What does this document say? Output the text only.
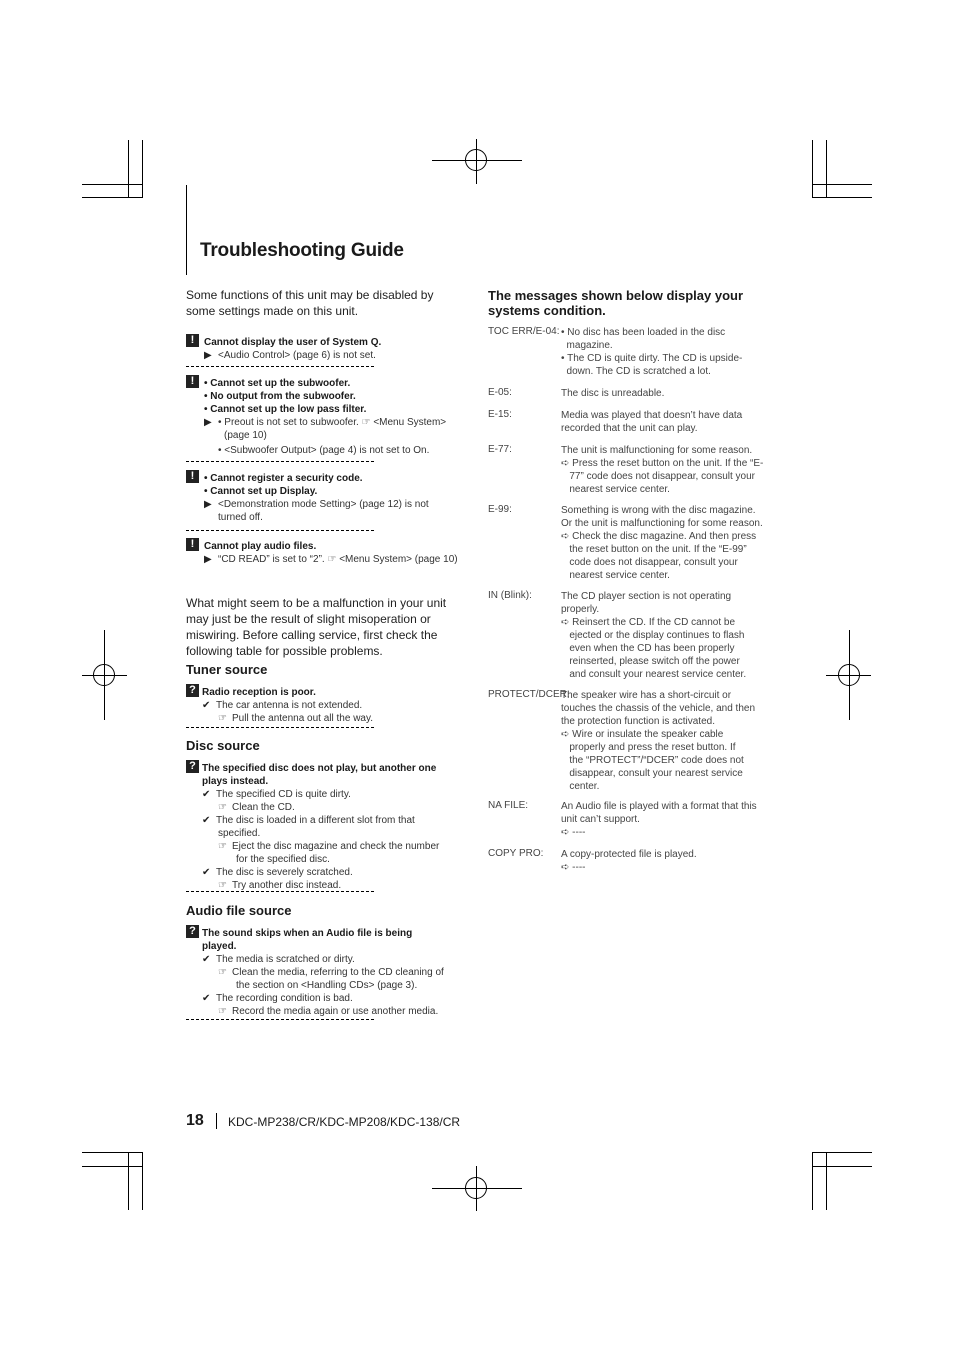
Troubleshooting Guide
Some functions of this unit may be disabled by some settings made on this unit.
! Cannot display the user of System Q.
▶ <Audio Control> (page 6) is not set.
! • Cannot set up the subwoofer.
• No output from the subwoofer.
• Cannot set up the low pass filter.
▶ • Preout is not set to subwoofer. ☞ <Menu System>
(page 10)
• <Subwoofer Output> (page 4) is not set to On.
! • Cannot register a security code.
• Cannot set up Display.
▶ <Demonstration mode Setting> (page 12) is not
turned off.
! Cannot play audio files.
▶ “CD READ” is set to “2”. ☞ <Menu System> (page 10)
What might seem to be a malfunction in your unit may just be the result of slight misoperation or miswiring. Before calling service, first check the following table for possible problems.
Tuner source
? Radio reception is poor.
✔ The car antenna is not extended.
☞ Pull the antenna out all the way.
Disc source
? The specified disc does not play, but another one
plays instead.
✔ The specified CD is quite dirty.
☞ Clean the CD.
✔ The disc is loaded in a different slot from that
specified.
☞ Eject the disc magazine and check the number
for the specified disc.
✔ The disc is severely scratched.
☞ Try another disc instead.
Audio file source
? The sound skips when an Audio file is being
played.
✔ The media is scratched or dirty.
☞ Clean the media, referring to the CD cleaning of
the section on <Handling CDs> (page 3).
✔ The recording condition is bad.
☞ Record the media again or use another media.
The messages shown below display your systems condition.
TOC ERR/E-04: • No disc has been loaded in the disc
magazine.
• The CD is quite dirty. The CD is upside-
down. The CD is scratched a lot.
E-05:	The disc is unreadable.
E-15:	Media was played that doesn’t have data
recorded that the unit can play.
E-77:	The unit is malfunctioning for some reason.
➪ Press the reset button on the unit. If the “E-
77” code does not disappear, consult your
nearest service center.
E-99:	Something is wrong with the disc magazine.
Or the unit is malfunctioning for some reason.
➪ Check the disc magazine. And then press
the reset button on the unit. If the “E-99”
code does not disappear, consult your
nearest service center.
IN (Blink):	The CD player section is not operating
properly.
➪ Reinsert the CD. If the CD cannot be
ejected or the display continues to flash
even when the CD has been properly
reinserted, please switch off the power
and consult your nearest service center.
PROTECT/DCER:
The speaker wire has a short-circuit or
touches the chassis of the vehicle, and then
the protection function is activated.
➪ Wire or insulate the speaker cable
properly and press the reset button. If
the “PROTECT”/“DCER” code does not
disappear, consult your nearest service
center.
NA FILE:	An Audio file is played with a format that this
unit can’t support.
➪ ----
COPY PRO: A copy-protected file is played.
➪ ----
18 KDC-MP238/CR/KDC-MP208/KDC-138/CR
